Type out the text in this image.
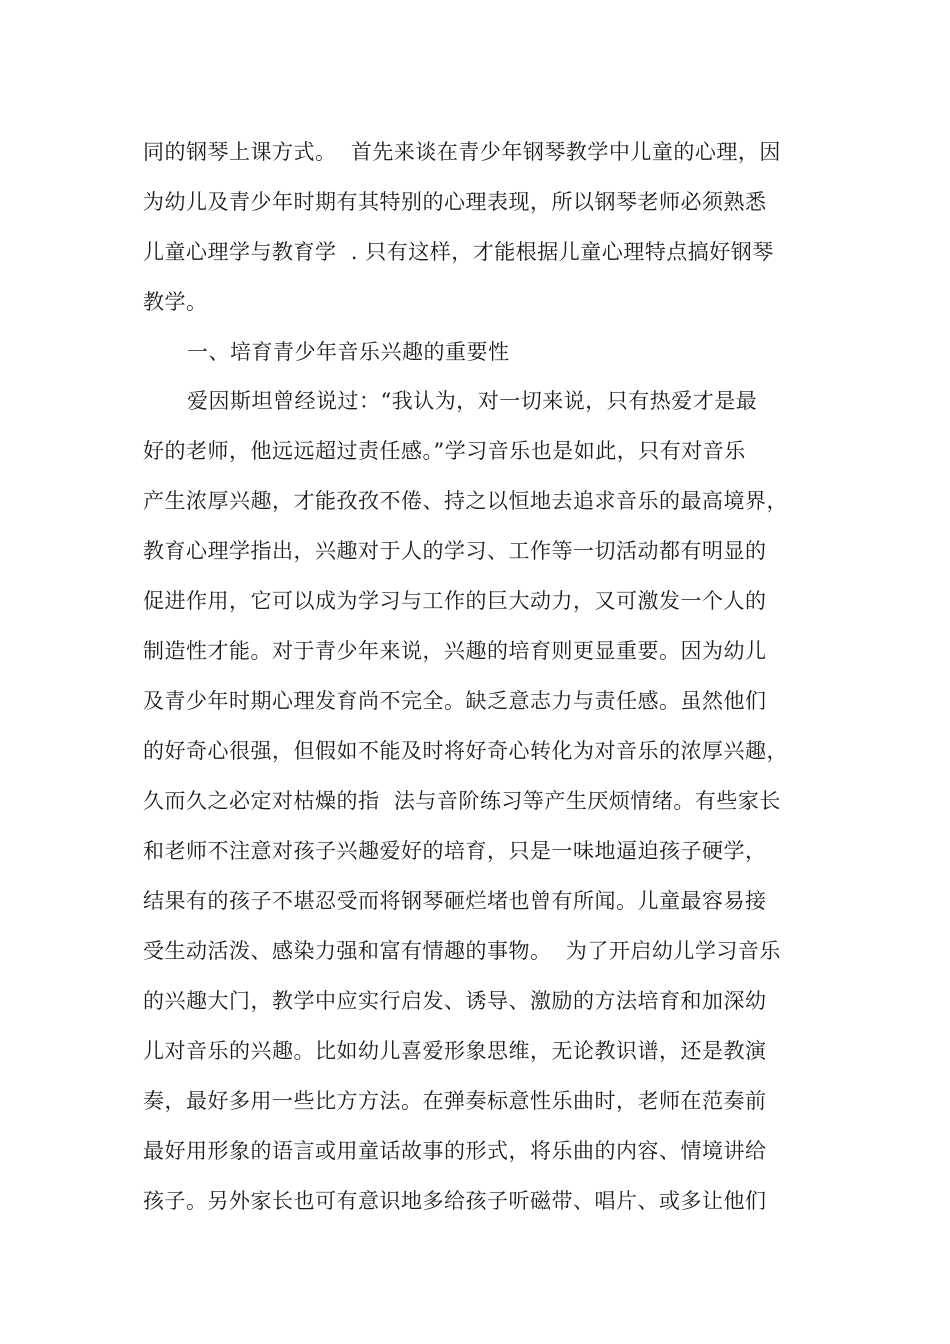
同的钢琴上课方式。  首先来谈在青少年钢琴教学中儿童的心理，因
为幼儿及青少年时期有其特别的心理表现，所以钢琴老师必须熟悉
儿童心理学与教育学  . 只有这样，才能根据儿童心理特点搞好钢琴
教学。
一、培育青少年音乐兴趣的重要性
爱因斯坦曾经说过：“我认为，对一切来说，只有热爱才是最
好的老师，他远远超过责任感。”学习音乐也是如此，只有对音乐
产生浓厚兴趣，才能孜孜不倦、持之以恒地去追求音乐的最高境界，
教育心理学指出，兴趣对于人的学习、工作等一切活动都有明显的
促进作用，它可以成为学习与工作的巨大动力，又可激发一个人的
制造性才能。对于青少年来说，兴趣的培育则更显重要。因为幼儿
及青少年时期心理发育尚不完全。缺乏意志力与责任感。虽然他们
的好奇心很强，但假如不能及时将好奇心转化为对音乐的浓厚兴趣，
久而久之必定对枯燥的指  法与音阶练习等产生厌烦情绪。有些家长
和老师不注意对孩子兴趣爱好的培育，只是一味地逼迫孩子硬学，
结果有的孩子不堪忍受而将钢琴砸烂堵也曾有所闻。儿童最容易接
受生动活泼、感染力强和富有情趣的事物。  为了开启幼儿学习音乐
的兴趣大门，教学中应实行启发、诱导、激励的方法培育和加深幼
儿对音乐的兴趣。比如幼儿喜爱形象思维，无论教识谱，还是教演
奏，最好多用一些比方方法。在弹奏标意性乐曲时，老师在范奏前
最好用形象的语言或用童话故事的形式，将乐曲的内容、情境讲给
孩子。另外家长也可有意识地多给孩子听磁带、唱片、或多让他们
